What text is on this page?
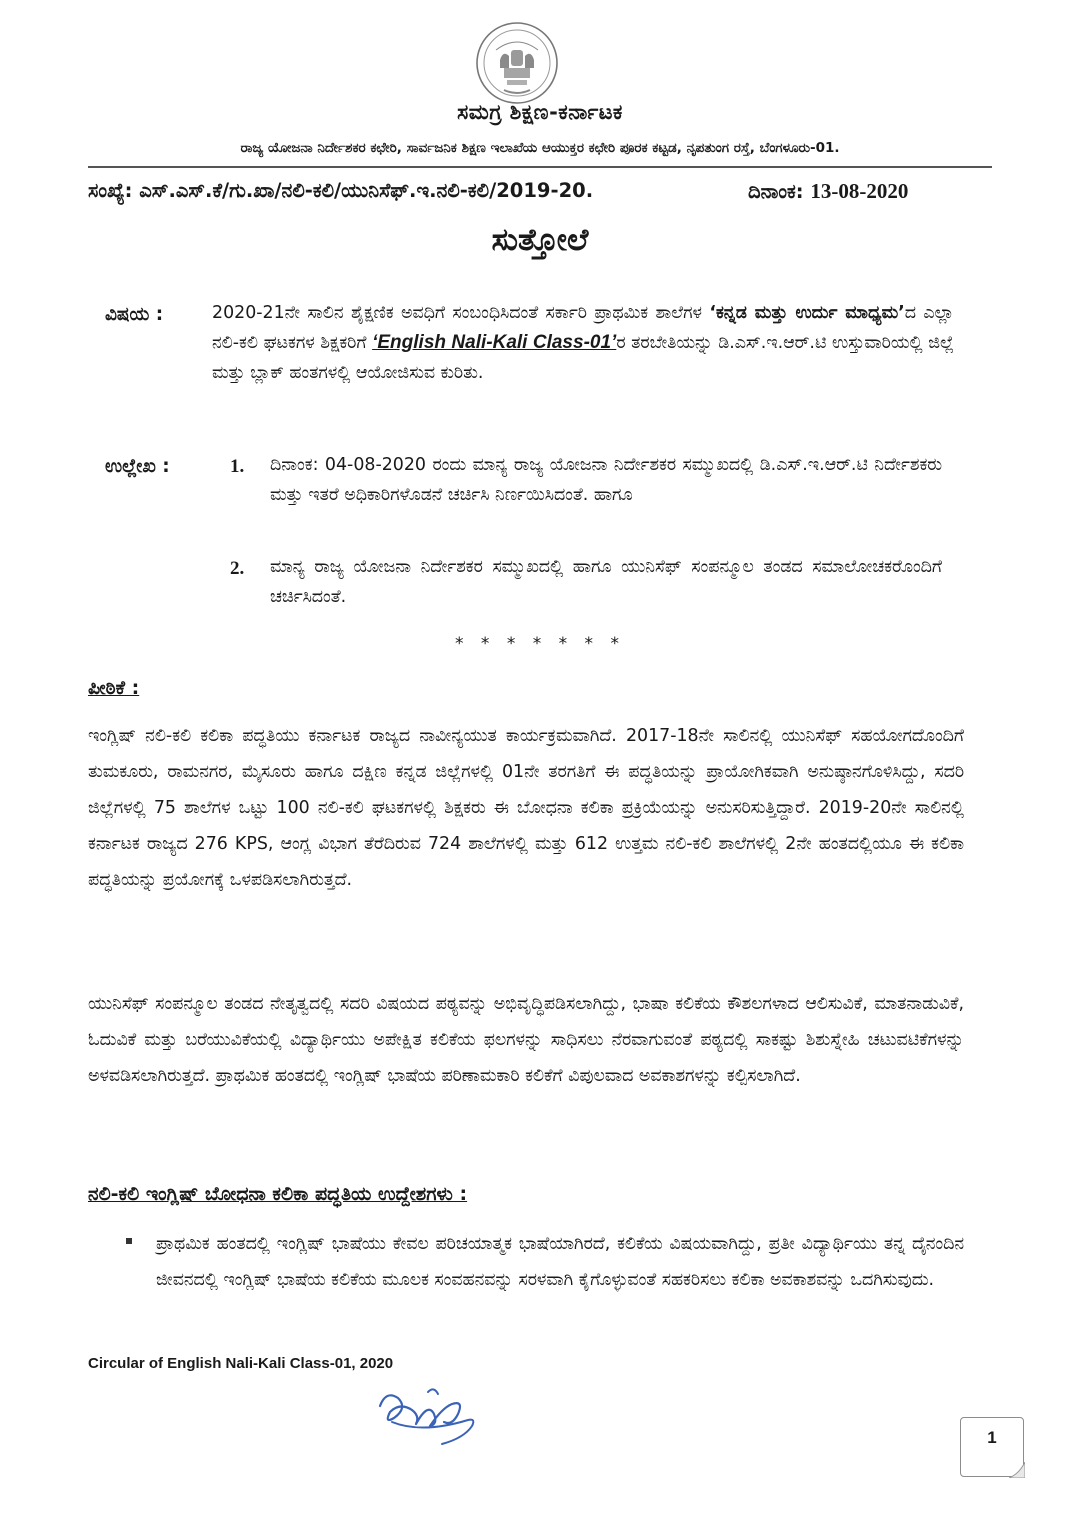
ಸಮಗ್ರ ಶಿಕ್ಷಣ-ಕರ್ನಾಟಕ
ರಾಜ್ಯ ಯೋಜನಾ ನಿರ್ದೇಶಕರ ಕಛೇರಿ, ಸಾರ್ವಜನಿಕ ಶಿಕ್ಷಣ ಇಲಾಖೆಯ ಆಯುಕ್ತರ ಕಛೇರಿ ಪೂರಕ ಕಟ್ಟಡ, ನೃಪತುಂಗ ರಸ್ತೆ, ಬೆಂಗಳೂರು-01.
ಸಂಖ್ಯೆ: ಎಸ್.ಎಸ್.ಕೆ/ಗು.ಖಾ/ನಲಿ-ಕಲಿ/ಯುನಿಸೆಫ್.ಇ.ನಲಿ-ಕಲಿ/2019-20.	ದಿನಾಂಕ: 13-08-2020
ಸುತ್ತೋಲೆ
ವಿಷಯ :	2020-21ನೇ ಸಾಲಿನ ಶೈಕ್ಷಣಿಕ ಅವಧಿಗೆ ಸಂಬಂಧಿಸಿದಂತೆ ಸರ್ಕಾರಿ ಪ್ರಾಥಮಿಕ ಶಾಲೆಗಳ ‘ಕನ್ನಡ ಮತ್ತು ಉರ್ದು ಮಾಧ್ಯಮ’ದ ಎಲ್ಲಾ ನಲಿ-ಕಲಿ ಘಟಕಗಳ ಶಿಕ್ಷಕರಿಗೆ ‘English Nali-Kali Class-01’ರ ತರಬೇತಿಯನ್ನು ಡಿ.ಎಸ್.ಇ.ಆರ್.ಟಿ ಉಸ್ತುವಾರಿಯಲ್ಲಿ ಜಿಲ್ಲೆ ಮತ್ತು ಬ್ಲಾಕ್ ಹಂತಗಳಲ್ಲಿ ಆಯೋಜಿಸುವ ಕುರಿತು.

ಉಲ್ಲೇಖ :	1. ದಿನಾಂಕ: 04-08-2020 ರಂದು ಮಾನ್ಯ ರಾಜ್ಯ ಯೋಜನಾ ನಿರ್ದೇಶಕರ ಸಮ್ಮುಖದಲ್ಲಿ ಡಿ.ಎಸ್.ಇ.ಆರ್.ಟಿ ನಿರ್ದೇಶಕರು ಮತ್ತು ಇತರೆ ಅಧಿಕಾರಿಗಳೊಡನೆ ಚರ್ಚಿಸಿ ನಿರ್ಣಯಿಸಿದಂತೆ. ಹಾಗೂ

2. ಮಾನ್ಯ ರಾಜ್ಯ ಯೋಜನಾ ನಿರ್ದೇಶಕರ ಸಮ್ಮುಖದಲ್ಲಿ ಹಾಗೂ ಯುನಿಸೆಫ್ ಸಂಪನ್ಮೂಲ ತಂಡದ ಸಮಾಲೋಚಕರೊಂದಿಗೆ ಚರ್ಚಿಸಿದಂತೆ.

* * * * * * *
ಪೀಠಿಕೆ :

ಇಂಗ್ಲಿಷ್ ನಲಿ-ಕಲಿ ಕಲಿಕಾ ಪದ್ಧತಿಯು ಕರ್ನಾಟಕ ರಾಜ್ಯದ ನಾವೀನ್ಯಯುತ ಕಾರ್ಯಕ್ರಮವಾಗಿದೆ. 2017-18ನೇ ಸಾಲಿನಲ್ಲಿ ಯುನಿಸೆಫ್ ಸಹಯೋಗದೊಂದಿಗೆ ತುಮಕೂರು, ರಾಮನಗರ, ಮೈಸೂರು ಹಾಗೂ ದಕ್ಷಿಣ ಕನ್ನಡ ಜಿಲ್ಲೆಗಳಲ್ಲಿ 01ನೇ ತರಗತಿಗೆ ಈ ಪದ್ಧತಿಯನ್ನು ಪ್ರಾಯೋಗಿಕವಾಗಿ ಅನುಷ್ಠಾನಗೊಳಿಸಿದ್ದು, ಸದರಿ ಜಿಲ್ಲೆಗಳಲ್ಲಿ 75 ಶಾಲೆಗಳ ಒಟ್ಟು 100 ನಲಿ-ಕಲಿ ಘಟಕಗಳಲ್ಲಿ ಶಿಕ್ಷಕರು ಈ ಬೋಧನಾ ಕಲಿಕಾ ಪ್ರಕ್ರಿಯೆಯನ್ನು ಅನುಸರಿಸುತ್ತಿದ್ದಾರೆ. 2019-20ನೇ ಸಾಲಿನಲ್ಲಿ ಕರ್ನಾಟಕ ರಾಜ್ಯದ 276 KPS, ಆಂಗ್ಲ ವಿಭಾಗ ತೆರೆದಿರುವ 724 ಶಾಲೆಗಳಲ್ಲಿ ಮತ್ತು 612 ಉತ್ತಮ ನಲಿ-ಕಲಿ ಶಾಲೆಗಳಲ್ಲಿ 2ನೇ ಹಂತದಲ್ಲಿಯೂ ಈ ಕಲಿಕಾ ಪದ್ಧತಿಯನ್ನು ಪ್ರಯೋಗಕ್ಕೆ ಒಳಪಡಿಸಲಾಗಿರುತ್ತದೆ.

ಯುನಿಸೆಫ್ ಸಂಪನ್ಮೂಲ ತಂಡದ ನೇತೃತ್ವದಲ್ಲಿ ಸದರಿ ವಿಷಯದ ಪಠ್ಯವನ್ನು ಅಭಿವೃದ್ಧಿಪಡಿಸಲಾಗಿದ್ದು, ಭಾಷಾ ಕಲಿಕೆಯ ಕೌಶಲಗಳಾದ ಆಲಿಸುವಿಕೆ, ಮಾತನಾಡುವಿಕೆ, ಓದುವಿಕೆ ಮತ್ತು ಬರೆಯುವಿಕೆಯಲ್ಲಿ ವಿದ್ಯಾರ್ಥಿಯು ಅಪೇಕ್ಷಿತ ಕಲಿಕೆಯ ಫಲಗಳನ್ನು ಸಾಧಿಸಲು ನೆರವಾಗುವಂತೆ ಪಠ್ಯದಲ್ಲಿ ಸಾಕಷ್ಟು ಶಿಶುಸ್ನೇಹಿ ಚಟುವಟಿಕೆಗಳನ್ನು ಅಳವಡಿಸಲಾಗಿರುತ್ತದೆ. ಪ್ರಾಥಮಿಕ ಹಂತದಲ್ಲಿ ಇಂಗ್ಲಿಷ್ ಭಾಷೆಯ ಪರಿಣಾಮಕಾರಿ ಕಲಿಕೆಗೆ ವಿಪುಲವಾದ ಅವಕಾಶಗಳನ್ನು ಕಲ್ಪಿಸಲಾಗಿದೆ.

ನಲಿ-ಕಲಿ ಇಂಗ್ಲಿಷ್ ಬೋಧನಾ ಕಲಿಕಾ ಪದ್ಧತಿಯ ಉದ್ದೇಶಗಳು :

ಪ್ರಾಥಮಿಕ ಹಂತದಲ್ಲಿ ಇಂಗ್ಲಿಷ್ ಭಾಷೆಯು ಕೇವಲ ಪರಿಚಯಾತ್ಮಕ ಭಾಷೆಯಾಗಿರದೆ, ಕಲಿಕೆಯ ವಿಷಯವಾಗಿದ್ದು, ಪ್ರತೀ ವಿದ್ಯಾರ್ಥಿಯು ತನ್ನ ದೈನಂದಿನ ಜೀವನದಲ್ಲಿ ಇಂಗ್ಲಿಷ್ ಭಾಷೆಯ ಕಲಿಕೆಯ ಮೂಲಕ ಸಂವಹನವನ್ನು ಸರಳವಾಗಿ ಕೈಗೊಳ್ಳುವಂತೆ ಸಹಕರಿಸಲು ಕಲಿಕಾ ಅವಕಾಶವನ್ನು ಒದಗಿಸುವುದು.

Circular of English Nali-Kali Class-01, 2020
1
